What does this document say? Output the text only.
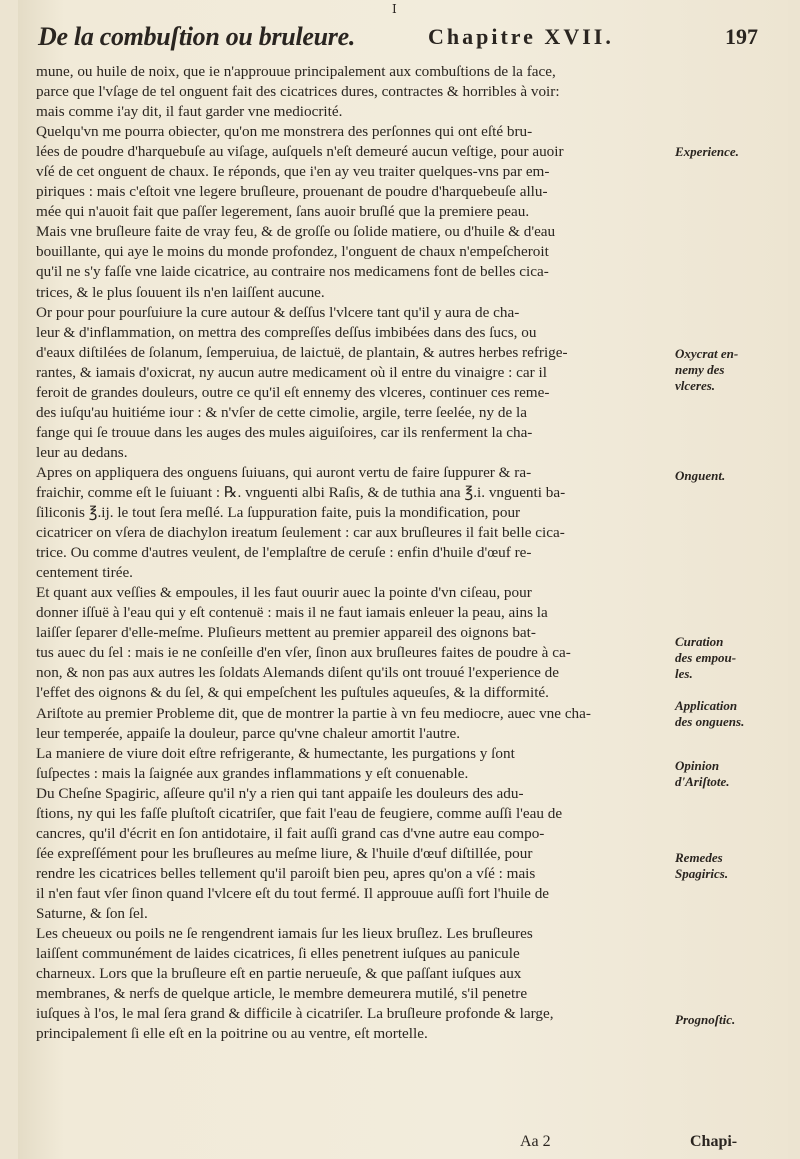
I
De la combuſtion ou bruleure.	Chapitre XVII.	197
mune, ou huile de noix, que ie n'approuue principalement aux combuſtions de la face,
parce que l'vſage de tel onguent fait des cicatrices dures, contractes & horribles à voir:
mais comme i'ay dit, il faut garder vne mediocrité.
Quelqu'vn me pourra obiecter, qu'on me monstrera des perſonnes qui ont eſté bru-
lées de poudre d'harquebuſe au viſage, auſquels n'eſt demeuré aucun veſtige, pour auoir
vſé de cet onguent de chaux. Ie réponds, que i'en ay veu traiter quelques-vns par em-
piriques : mais c'eſtoit vne legere bruſleure, prouenant de poudre d'harquebeuſe allu-
mée qui n'auoit fait que paſſer legerement, ſans auoir bruſlé que la premiere peau.
Mais vne bruſleure faite de vray feu, & de groſſe ou ſolide matiere, ou d'huile & d'eau
bouillante, qui aye le moins du monde profondez, l'onguent de chaux n'empeſcheroit
qu'il ne s'y faſſe vne laide cicatrice, au contraire nos medicamens font de belles cica-
trices, & le plus ſouuent ils n'en laiſſent aucune.
Or pour pour pourſuiure la cure autour & deſſus l'vlcere tant qu'il y aura de cha-
leur & d'inflammation, on mettra des compreſſes deſſus imbibées dans des ſucs, ou
d'eaux diſtilées de ſolanum, ſemperuiua, de laictuë, de plantain, & autres herbes refrige-
rantes, & iamais d'oxicrat, ny aucun autre medicament où il entre du vinaigre : car il
feroit de grandes douleurs, outre ce qu'il eſt ennemy des vlceres, continuer ces reme-
des iuſqu'au huitiéme iour : & n'vſer de cette cimolie, argile, terre ſeelée, ny de la
fange qui ſe trouue dans les auges des mules aiguiſoires, car ils renferment la cha-
leur au dedans.
Apres on appliquera des onguens ſuiuans, qui auront vertu de faire ſuppurer & ra-
fraichir, comme eſt le ſuiuant : ℞. vnguenti albi Raſis, & de tuthia ana ℥.i. vnguenti ba-
ſiliconis ℥.ij. le tout ſera meſlé. La ſuppuration faite, puis la mondification, pour
cicatricer on vſera de diachylon ireatum ſeulement : car aux bruſleures il fait belle cica-
trice. Ou comme d'autres veulent, de l'emplaſtre de ceruſe : enfin d'huile d'œuf re-
centement tirée.
Et quant aux veſſies & empoules, il les faut ouurir auec la pointe d'vn ciſeau, pour
donner iſſuë à l'eau qui y eſt contenuë : mais il ne faut iamais enleuer la peau, ains la
laiſſer ſeparer d'elle-meſme. Pluſieurs mettent au premier appareil des oignons bat-
tus auec du ſel : mais ie ne conſeille d'en vſer, ſinon aux bruſleures faites de poudre à ca-
non, & non pas aux autres les ſoldats Alemands diſent qu'ils ont trouué l'experience de
l'effet des oignons & du ſel, & qui empeſchent les puſtules aqueuſes, & la difformité.
Ariſtote au premier Probleme dit, que de montrer la partie à vn feu mediocre, auec vne cha-
leur temperée, appaiſe la douleur, parce qu'vne chaleur amortit l'autre.
La maniere de viure doit eſtre refrigerante, & humectante, les purgations y ſont
ſuſpectes : mais la ſaignée aux grandes inflammations y eſt conuenable.
Du Cheſne Spagiric, aſſeure qu'il n'y a rien qui tant appaiſe les douleurs des adu-
ſtions, ny qui les faſſe pluſtoſt cicatriſer, que fait l'eau de feugiere, comme auſſi l'eau de
cancres, qu'il d'écrit en ſon antidotaire, il fait auſſi grand cas d'vne autre eau compo-
ſée expreſſément pour les bruſleures au meſme liure, & l'huile d'œuf diſtillée, pour
rendre les cicatrices belles tellement qu'il paroiſt bien peu, apres qu'on a vſé : mais
il n'en faut vſer ſinon quand l'vlcere eſt du tout fermé. Il approuue auſſi fort l'huile de
Saturne, & ſon ſel.
Les cheueux ou poils ne ſe rengendrent iamais ſur les lieux bruſlez. Les bruſleures
laiſſent communément de laides cicatrices, ſi elles penetrent iuſques au panicule
charneux. Lors que la bruſleure eſt en partie nerueuſe, & que paſſant iuſques aux
membranes, & nerfs de quelque article, le membre demeurera mutilé, s'il penetre
iuſques à l'os, le mal ſera grand & difficile à cicatriſer. La bruſleure profonde & large,
principalement ſi elle eſt en la poitrine ou au ventre, eſt mortelle.
Experience.
Oxycrat en-
nemy des
vlceres.
Onguent.
Curation
des empou-
les.
Application
des onguens.
Opinion
d'Ariſtote.
Remedes
Spagirics.
Prognoſtic.
Aa 2	Chapi-
